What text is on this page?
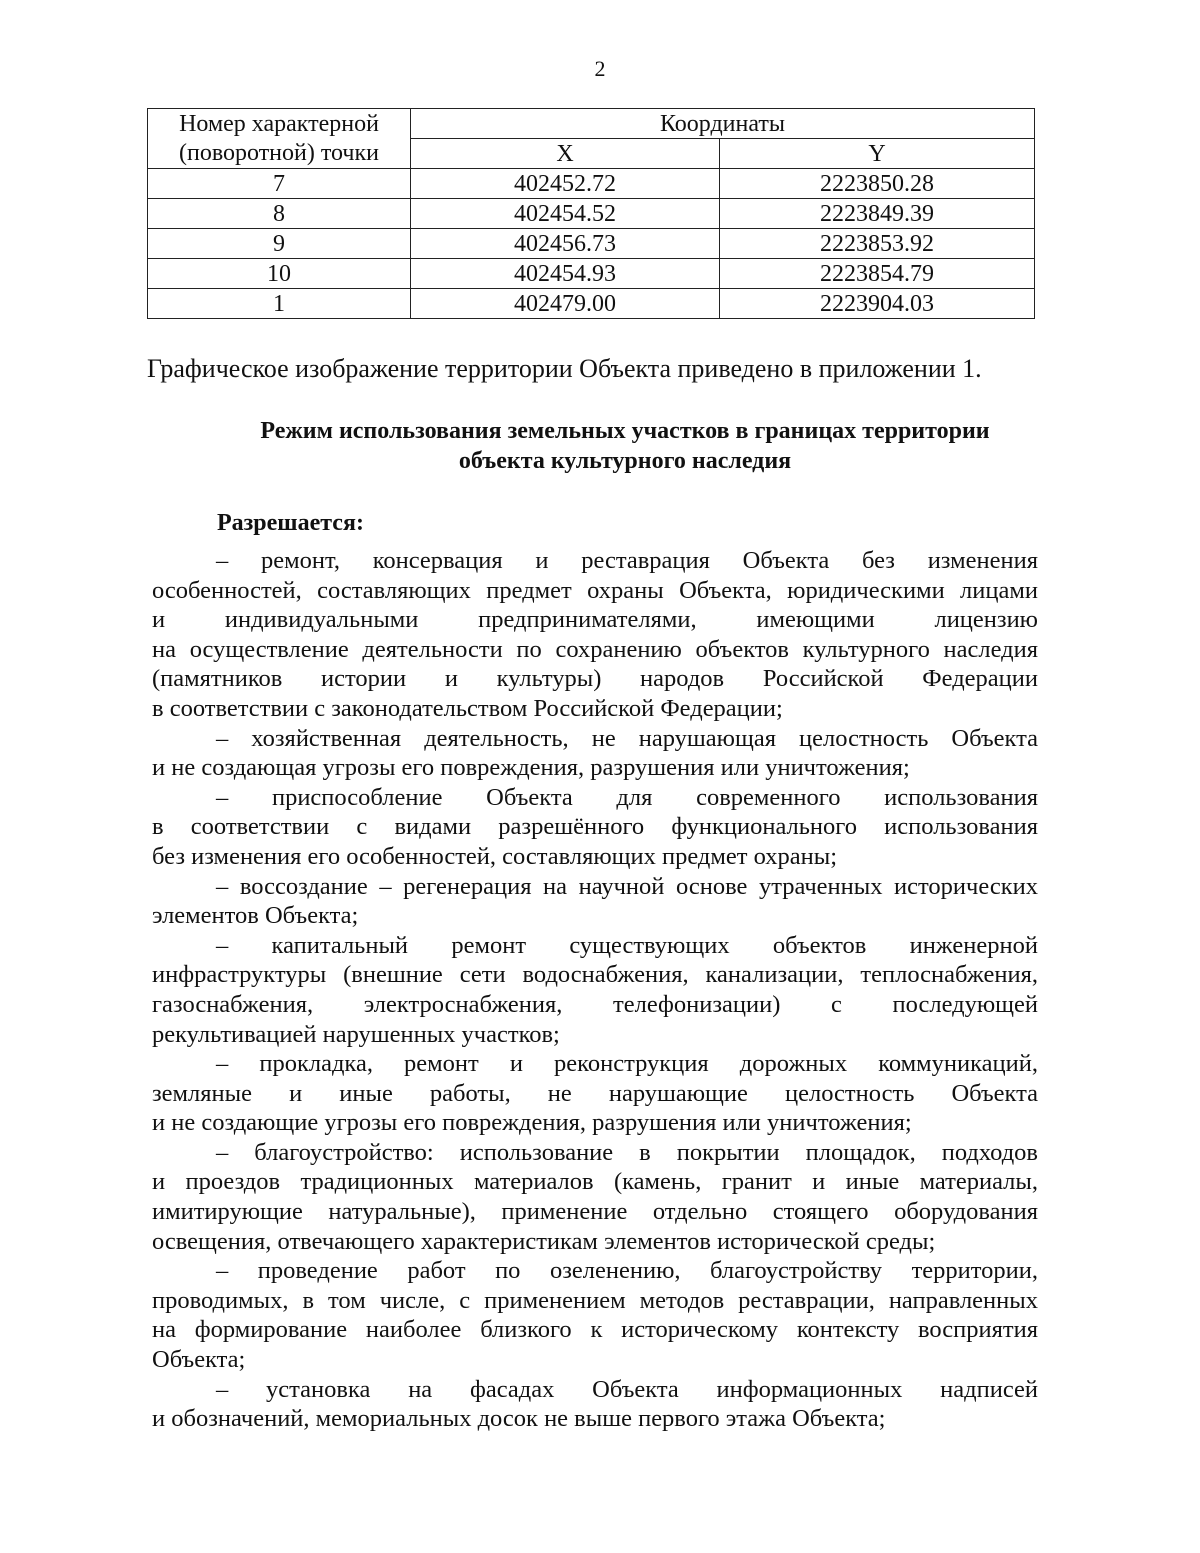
2
Номер характерной
(поворотной) точки	Координаты	
	X	Y
7	402452.72	2223850.28
8	402454.52	2223849.39
9	402456.73	2223853.92
10	402454.93	2223854.79
1	402479.00	2223904.03
Графическое изображение территории Объекта приведено в приложении 1.
Режим использования земельных участков в границах территории
объекта культурного наследия
Разрешается:
– ремонт, консервация и реставрация Объекта без изменения
особенностей, составляющих предмет охраны Объекта, юридическими лицами
и индивидуальными предпринимателями, имеющими лицензию
на осуществление деятельности по сохранению объектов культурного наследия
(памятников истории и культуры) народов Российской Федерации
в соответствии с законодательством Российской Федерации;
– хозяйственная деятельность, не нарушающая целостность Объекта
и не создающая угрозы его повреждения, разрушения или уничтожения;
– приспособление Объекта для современного использования
в соответствии с видами разрешённого функционального использования
без изменения его особенностей, составляющих предмет охраны;
– воссоздание – регенерация на научной основе утраченных исторических
элементов Объекта;
– капитальный ремонт существующих объектов инженерной
инфраструктуры (внешние сети водоснабжения, канализации, теплоснабжения,
газоснабжения, электроснабжения, телефонизации) с последующей
рекультивацией нарушенных участков;
– прокладка, ремонт и реконструкция дорожных коммуникаций,
земляные и иные работы, не нарушающие целостность Объекта
и не создающие угрозы его повреждения, разрушения или уничтожения;
– благоустройство: использование в покрытии площадок, подходов
и проездов традиционных материалов (камень, гранит и иные материалы,
имитирующие натуральные), применение отдельно стоящего оборудования
освещения, отвечающего характеристикам элементов исторической среды;
– проведение работ по озеленению, благоустройству территории,
проводимых, в том числе, с применением методов реставрации, направленных
на формирование наиболее близкого к историческому контексту восприятия
Объекта;
– установка на фасадах Объекта информационных надписей
и обозначений, мемориальных досок не выше первого этажа Объекта;
